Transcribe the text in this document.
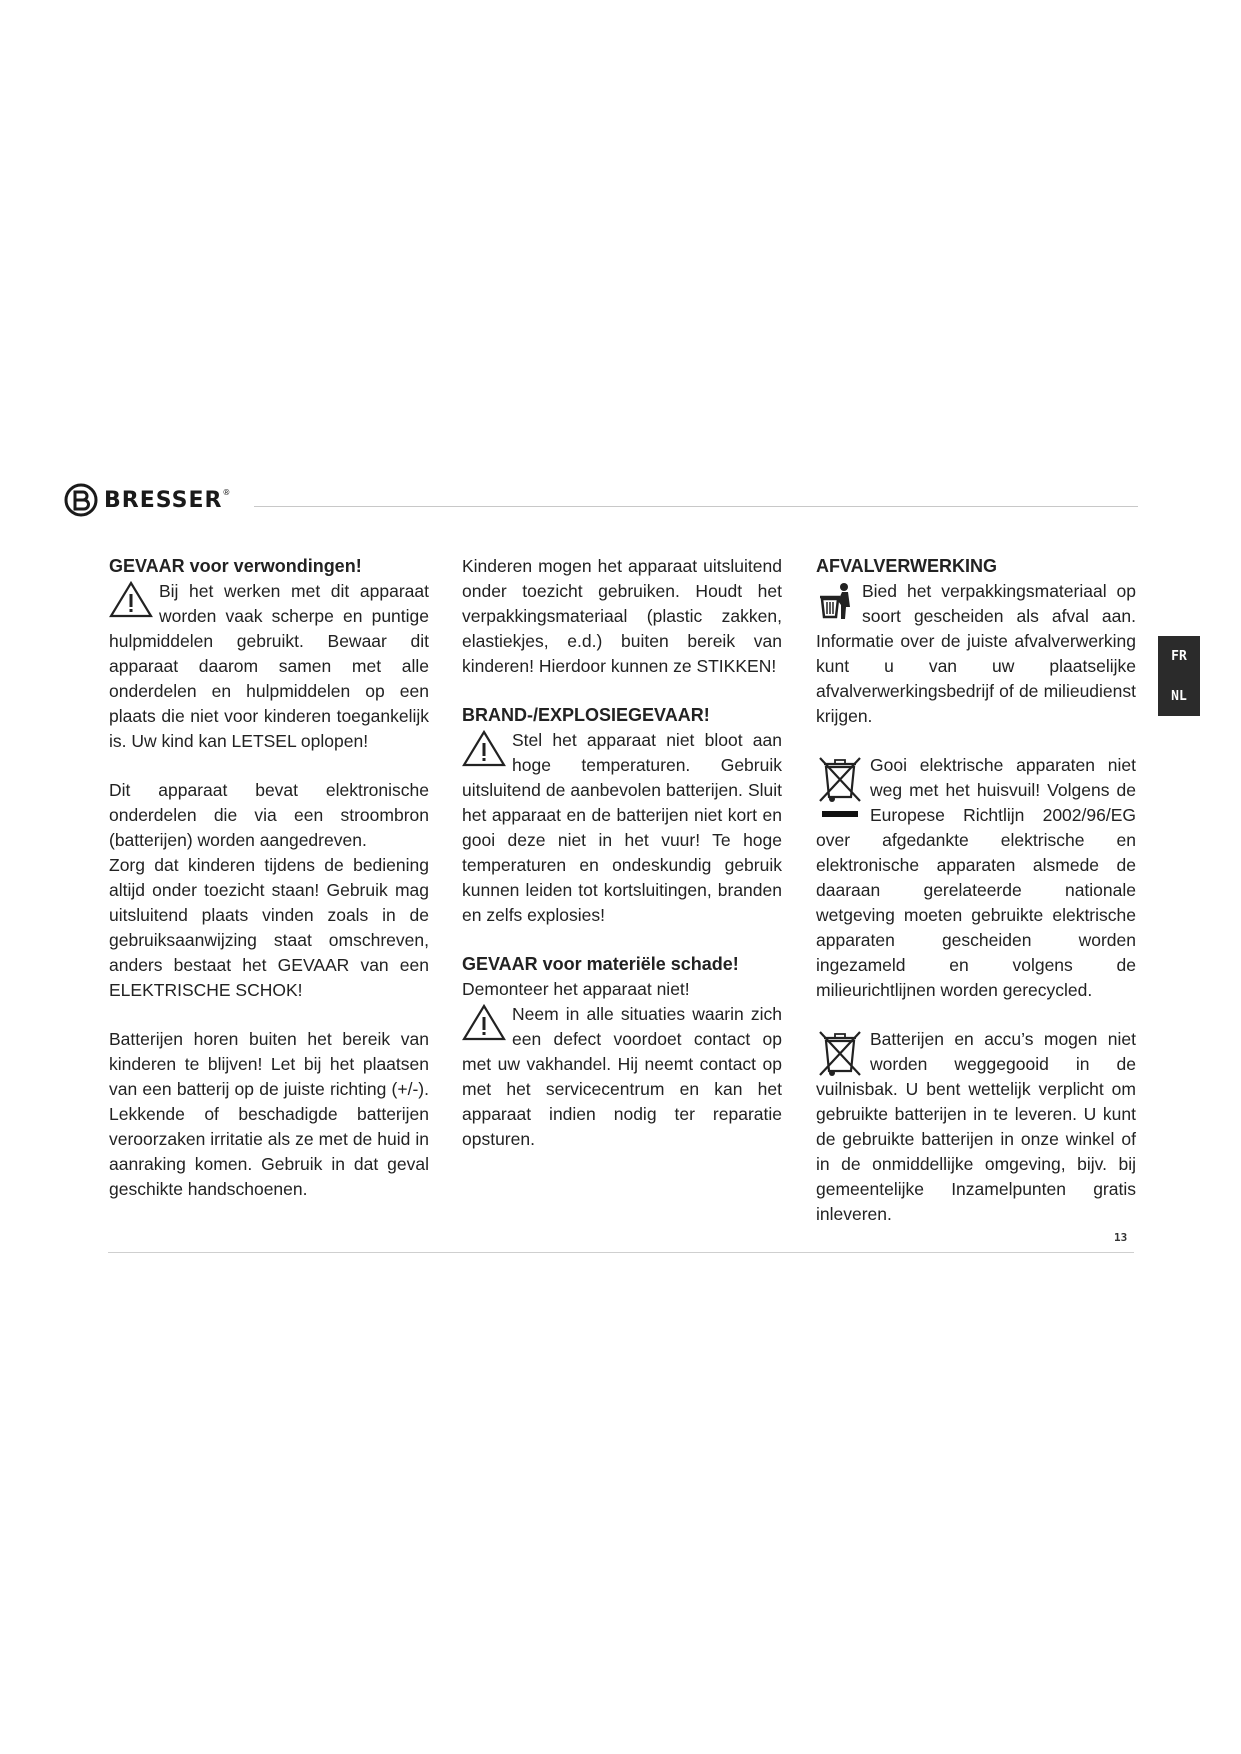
BRESSER®
FR
NL
GEVAAR voor verwondingen!

Bij het werken met dit apparaat worden vaak scherpe en puntige hulpmiddelen gebruikt. Bewaar dit apparaat daarom samen met alle onderdelen en hulpmiddelen op een plaats die niet voor kinderen toegankelijk is. Uw kind kan LETSEL oplopen!

Dit apparaat bevat elektronische onderdelen die via een stroombron (batterijen) worden aangedreven.

Zorg dat kinderen tijdens de bediening altijd onder toezicht staan! Gebruik mag uitsluitend plaats vinden zoals in de gebruiksaanwijzing staat omschreven, anders bestaat het GEVAAR van een ELEKTRISCHE SCHOK!

Batterijen horen buiten het bereik van kinderen te blijven! Let bij het plaatsen van een batterij op de juiste richting (+/-). Lekkende of beschadigde batterijen veroorzaken irritatie als ze met de huid in aanraking komen. Gebruik in dat geval geschikte handschoenen.

Kinderen mogen het apparaat uitsluitend onder toezicht gebruiken. Houdt het verpakkingsmateriaal (plastic zakken, elastiekjes, e.d.) buiten bereik van kinderen! Hierdoor kunnen ze STIKKEN!

BRAND-/EXPLOSIEGEVAAR!

Stel het apparaat niet bloot aan hoge temperaturen. Gebruik uitsluitend de aanbevolen batterijen. Sluit het apparaat en de batterijen niet kort en gooi deze niet in het vuur! Te hoge temperaturen en ondeskundig gebruik kunnen leiden tot kortsluitingen, branden en zelfs explosies!

GEVAAR voor materiële schade!

Demonteer het apparaat niet!

Neem in alle situaties waarin zich een defect voordoet contact op met uw vakhandel. Hij neemt contact op met het servicecentrum en kan het apparaat indien nodig ter reparatie opsturen.

AFVALVERWERKING

Bied het verpakkingsmateriaal op soort gescheiden als afval aan. Informatie over de juiste afvalverwerking kunt u van uw plaatselijke afvalverwerkingsbedrijf of de milieudienst krijgen.

Gooi elektrische apparaten niet weg met het huisvuil! Volgens de Europese Richtlijn 2002/96/EG over afgedankte elektrische en elektronische apparaten alsmede de daaraan gerelateerde nationale wetgeving moeten gebruikte elektrische apparaten gescheiden worden ingezameld en volgens de milieurichtlijnen worden gerecycled.

Batterijen en accu’s mogen niet worden weggegooid in de vuilnisbak. U bent wettelijk verplicht om gebruikte batterijen in te leveren. U kunt de gebruikte batterijen in onze winkel of in de onmiddellijke omgeving, bijv. bij gemeentelijke Inzamelpunten gratis inleveren.

13
